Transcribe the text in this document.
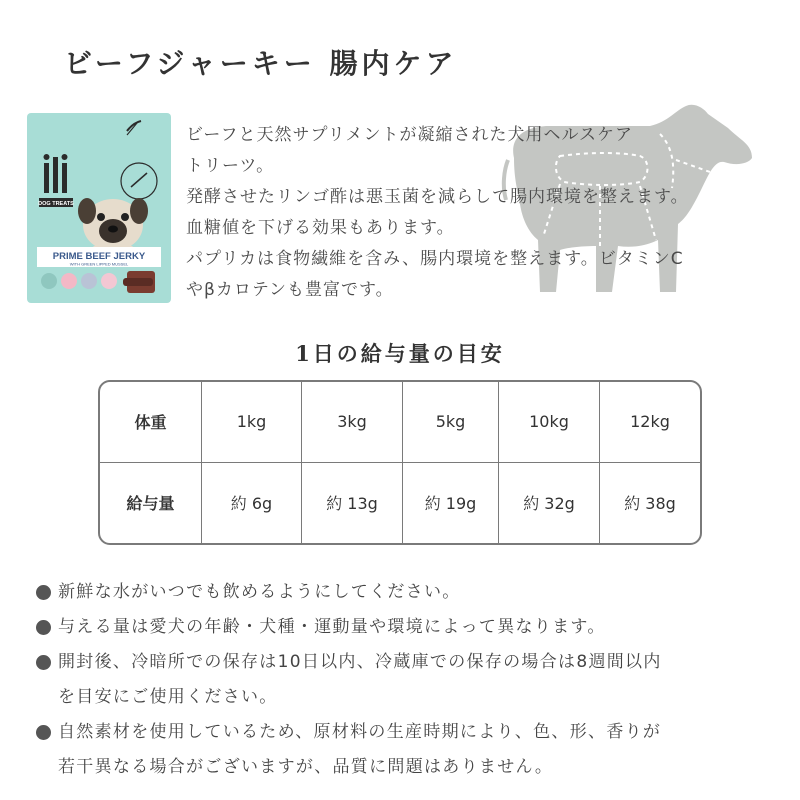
ビーフジャーキー 腸内ケア
DOG TREATS
PRIME BEEF JERKY
WITH GREEN LIPPED MUSSEL
ビーフと天然サプリメントが凝縮された犬用ヘルスケア
トリーツ。
発酵させたリンゴ酢は悪玉菌を減らして腸内環境を整えます。
血糖値を下げる効果もあります。
パプリカは食物繊維を含み、腸内環境を整えます。ビタミンC
やβカロテンも豊富です。
1日の給与量の目安
体重	1kg	3kg	5kg	10kg	12kg
給与量	約 6g	約 13g	約 19g	約 32g	約 38g
新鮮な水がいつでも飲めるようにしてください。
与える量は愛犬の年齢・犬種・運動量や環境によって異なります。
開封後、冷暗所での保存は10日以内、冷蔵庫での保存の場合は8週間以内
を目安にご使用ください。
自然素材を使用しているため、原材料の生産時期により、色、形、香りが
若干異なる場合がございますが、品質に問題はありません。
